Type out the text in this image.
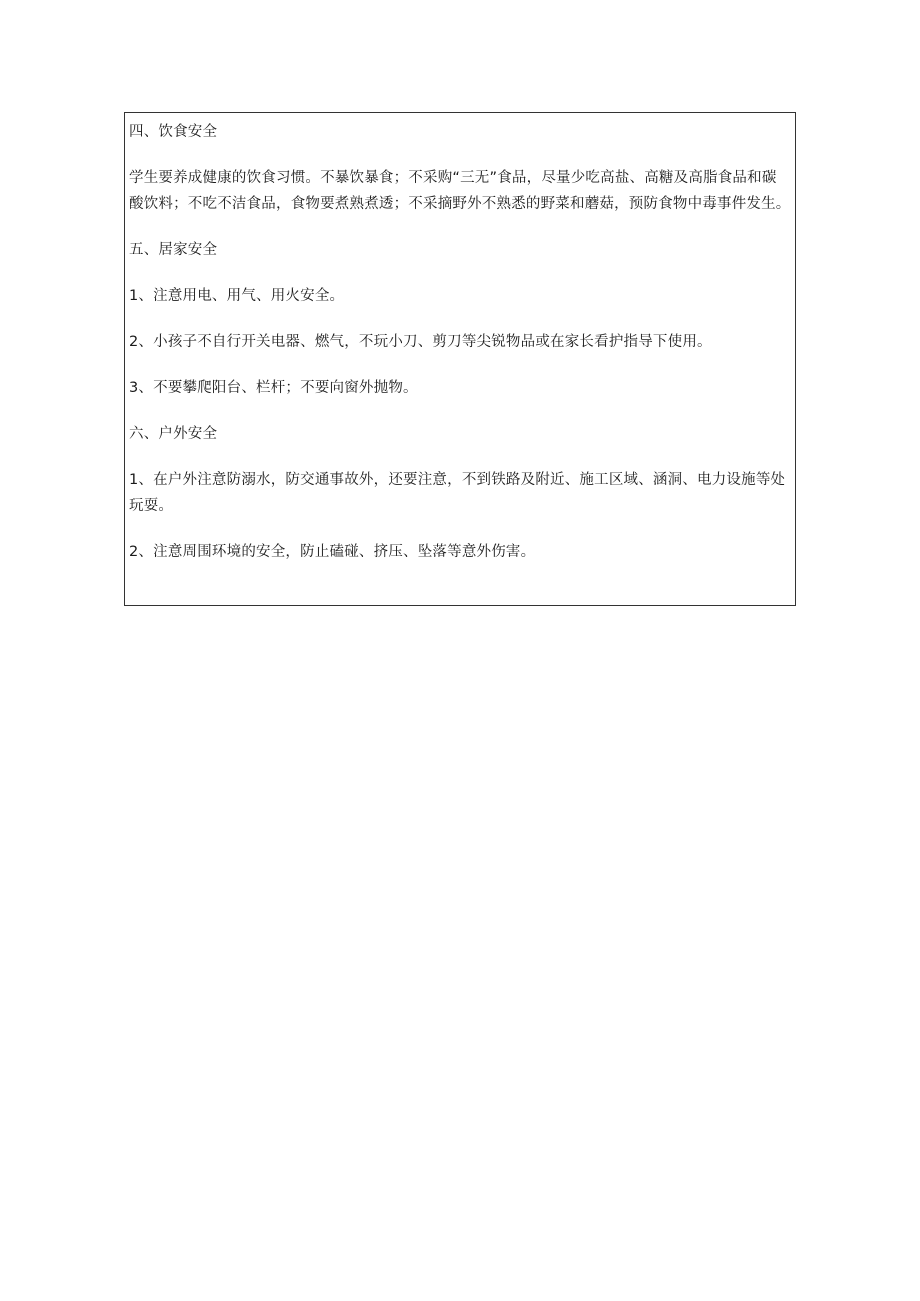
四、饮食安全

学生要养成健康的饮食习惯。不暴饮暴食；不采购“三无”食品，尽量少吃高盐、高糖及高脂食品和碳酸饮料；不吃不洁食品，食物要煮熟煮透；不采摘野外不熟悉的野菜和蘑菇，预防食物中毒事件发生。

五、居家安全

1、注意用电、用气、用火安全。

2、小孩子不自行开关电器、燃气，不玩小刀、剪刀等尖锐物品或在家长看护指导下使用。

3、不要攀爬阳台、栏杆；不要向窗外抛物。

六、户外安全

1、在户外注意防溺水，防交通事故外，还要注意，不到铁路及附近、施工区域、涵洞、电力设施等处玩耍。

2、注意周围环境的安全，防止磕碰、挤压、坠落等意外伤害。
